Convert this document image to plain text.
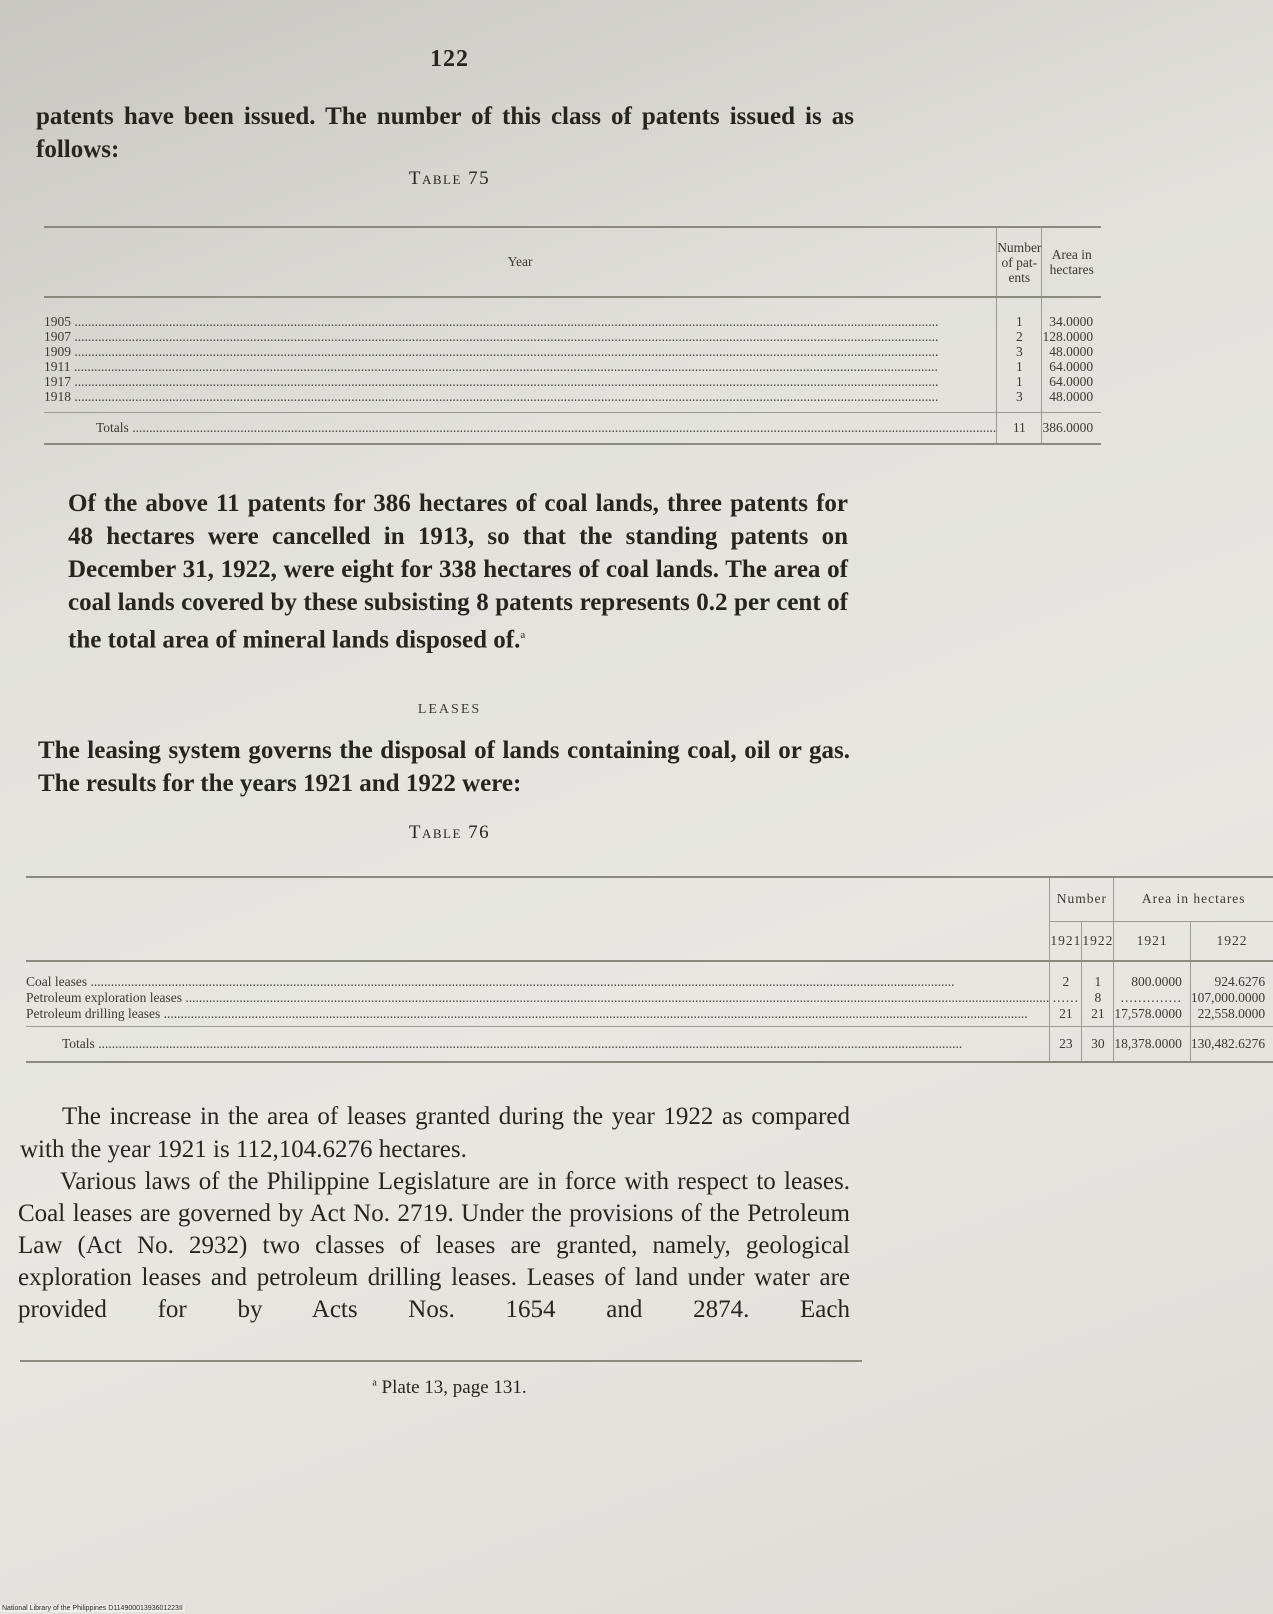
122

patents have been issued. The number of this class of patents issued is as follows:

Table 75
Year	Number of pat- ents	Area in hectares

1905 .....	1	34.0000

1907 .....	2	128.0000

1909 .....	3	48.0000

1911 .....	1	64.0000

1917 .....	1	64.0000

1918 .....	3	48.0000

Totals .....	11	386.0000

Of the above 11 patents for 386 hectares of coal lands, three patents for 48 hectares were cancelled in 1913, so that the standing patents on December 31, 1922, were eight for 338 hectares of coal lands. The area of coal lands covered by these subsisting 8 patents represents 0.2 per cent of the total area of mineral lands disposed of.$^a$

LEASES

The leasing system governs the disposal of lands containing coal, oil or gas. The results for the years 1921 and 1922 were:

Table 76
	Number		Area in hectares	
	1921	1922	1921	1922

Coal leases .....	2	1	800.0000	924.6276

Petroleum exploration leases .....	......	8	..............	107,000.0000

Petroleum drilling leases .....	21	21	17,578.0000	22,558.0000

Totals .....	23	30	18,378.0000	130,482.6276

The increase in the area of leases granted during the year 1922 as compared with the year 1921 is 112,104.6276 hectares.

Various laws of the Philippine Legislature are in force with respect to leases. Coal leases are governed by Act No. 2719. Under the provisions of the Petroleum Law (Act No. 2932) two classes of leases are granted, namely, geological exploration leases and petroleum drilling leases. Leases of land under water are provided for by Acts Nos. 1654 and 2874. Each

$^a$ Plate 13, page 131.
National Library of the Philippines D11490001393601223II
